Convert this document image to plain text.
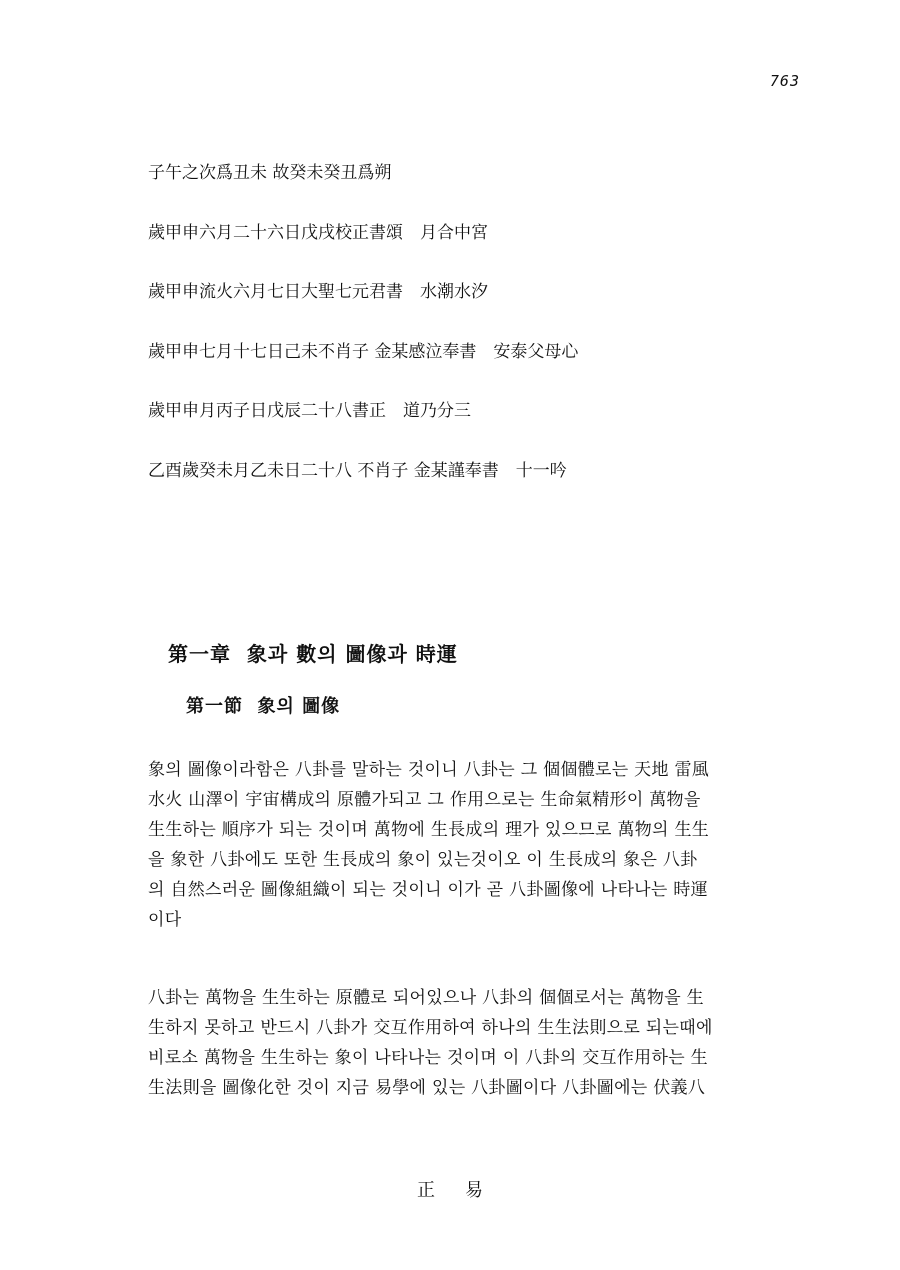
763
子午之次爲丑未 故癸未癸丑爲朔
歲甲申六月二十六日戊戌校正書頌　月合中宮
歲甲申流火六月七日大聖七元君書　水潮水汐
歲甲申七月十七日己未不肖子 金某感泣奉書　安泰父母心
歲甲申月丙子日戊辰二十八書正　道乃分三
乙酉歲癸未月乙未日二十八 不肖子 金某謹奉書　十一吟
第一章  象과 數의 圖像과 時運
第一節  象의 圖像

象의 圖像이라함은 八卦를 말하는 것이니 八卦는 그 個個體로는 天地 雷風
水火 山澤이 宇宙構成의 原體가되고 그 作用으로는 生命氣精形이 萬物을
生生하는 順序가 되는 것이며 萬物에 生長成의 理가 있으므로 萬物의 生生
을 象한 八卦에도 또한 生長成의 象이 있는것이오 이 生長成의 象은 八卦
의 自然스러운 圖像組織이 되는 것이니 이가 곧 八卦圖像에 나타나는 時運
이다

八卦는 萬物을 生生하는 原體로 되어있으나 八卦의 個個로서는 萬物을 生
生하지 못하고 반드시 八卦가 交互作用하여 하나의 生生法則으로 되는때에
비로소 萬物을 生生하는 象이 나타나는 것이며 이 八卦의 交互作用하는 生
生法則을 圖像化한 것이 지금 易學에 있는 八卦圖이다 八卦圖에는 伏義八

正易
